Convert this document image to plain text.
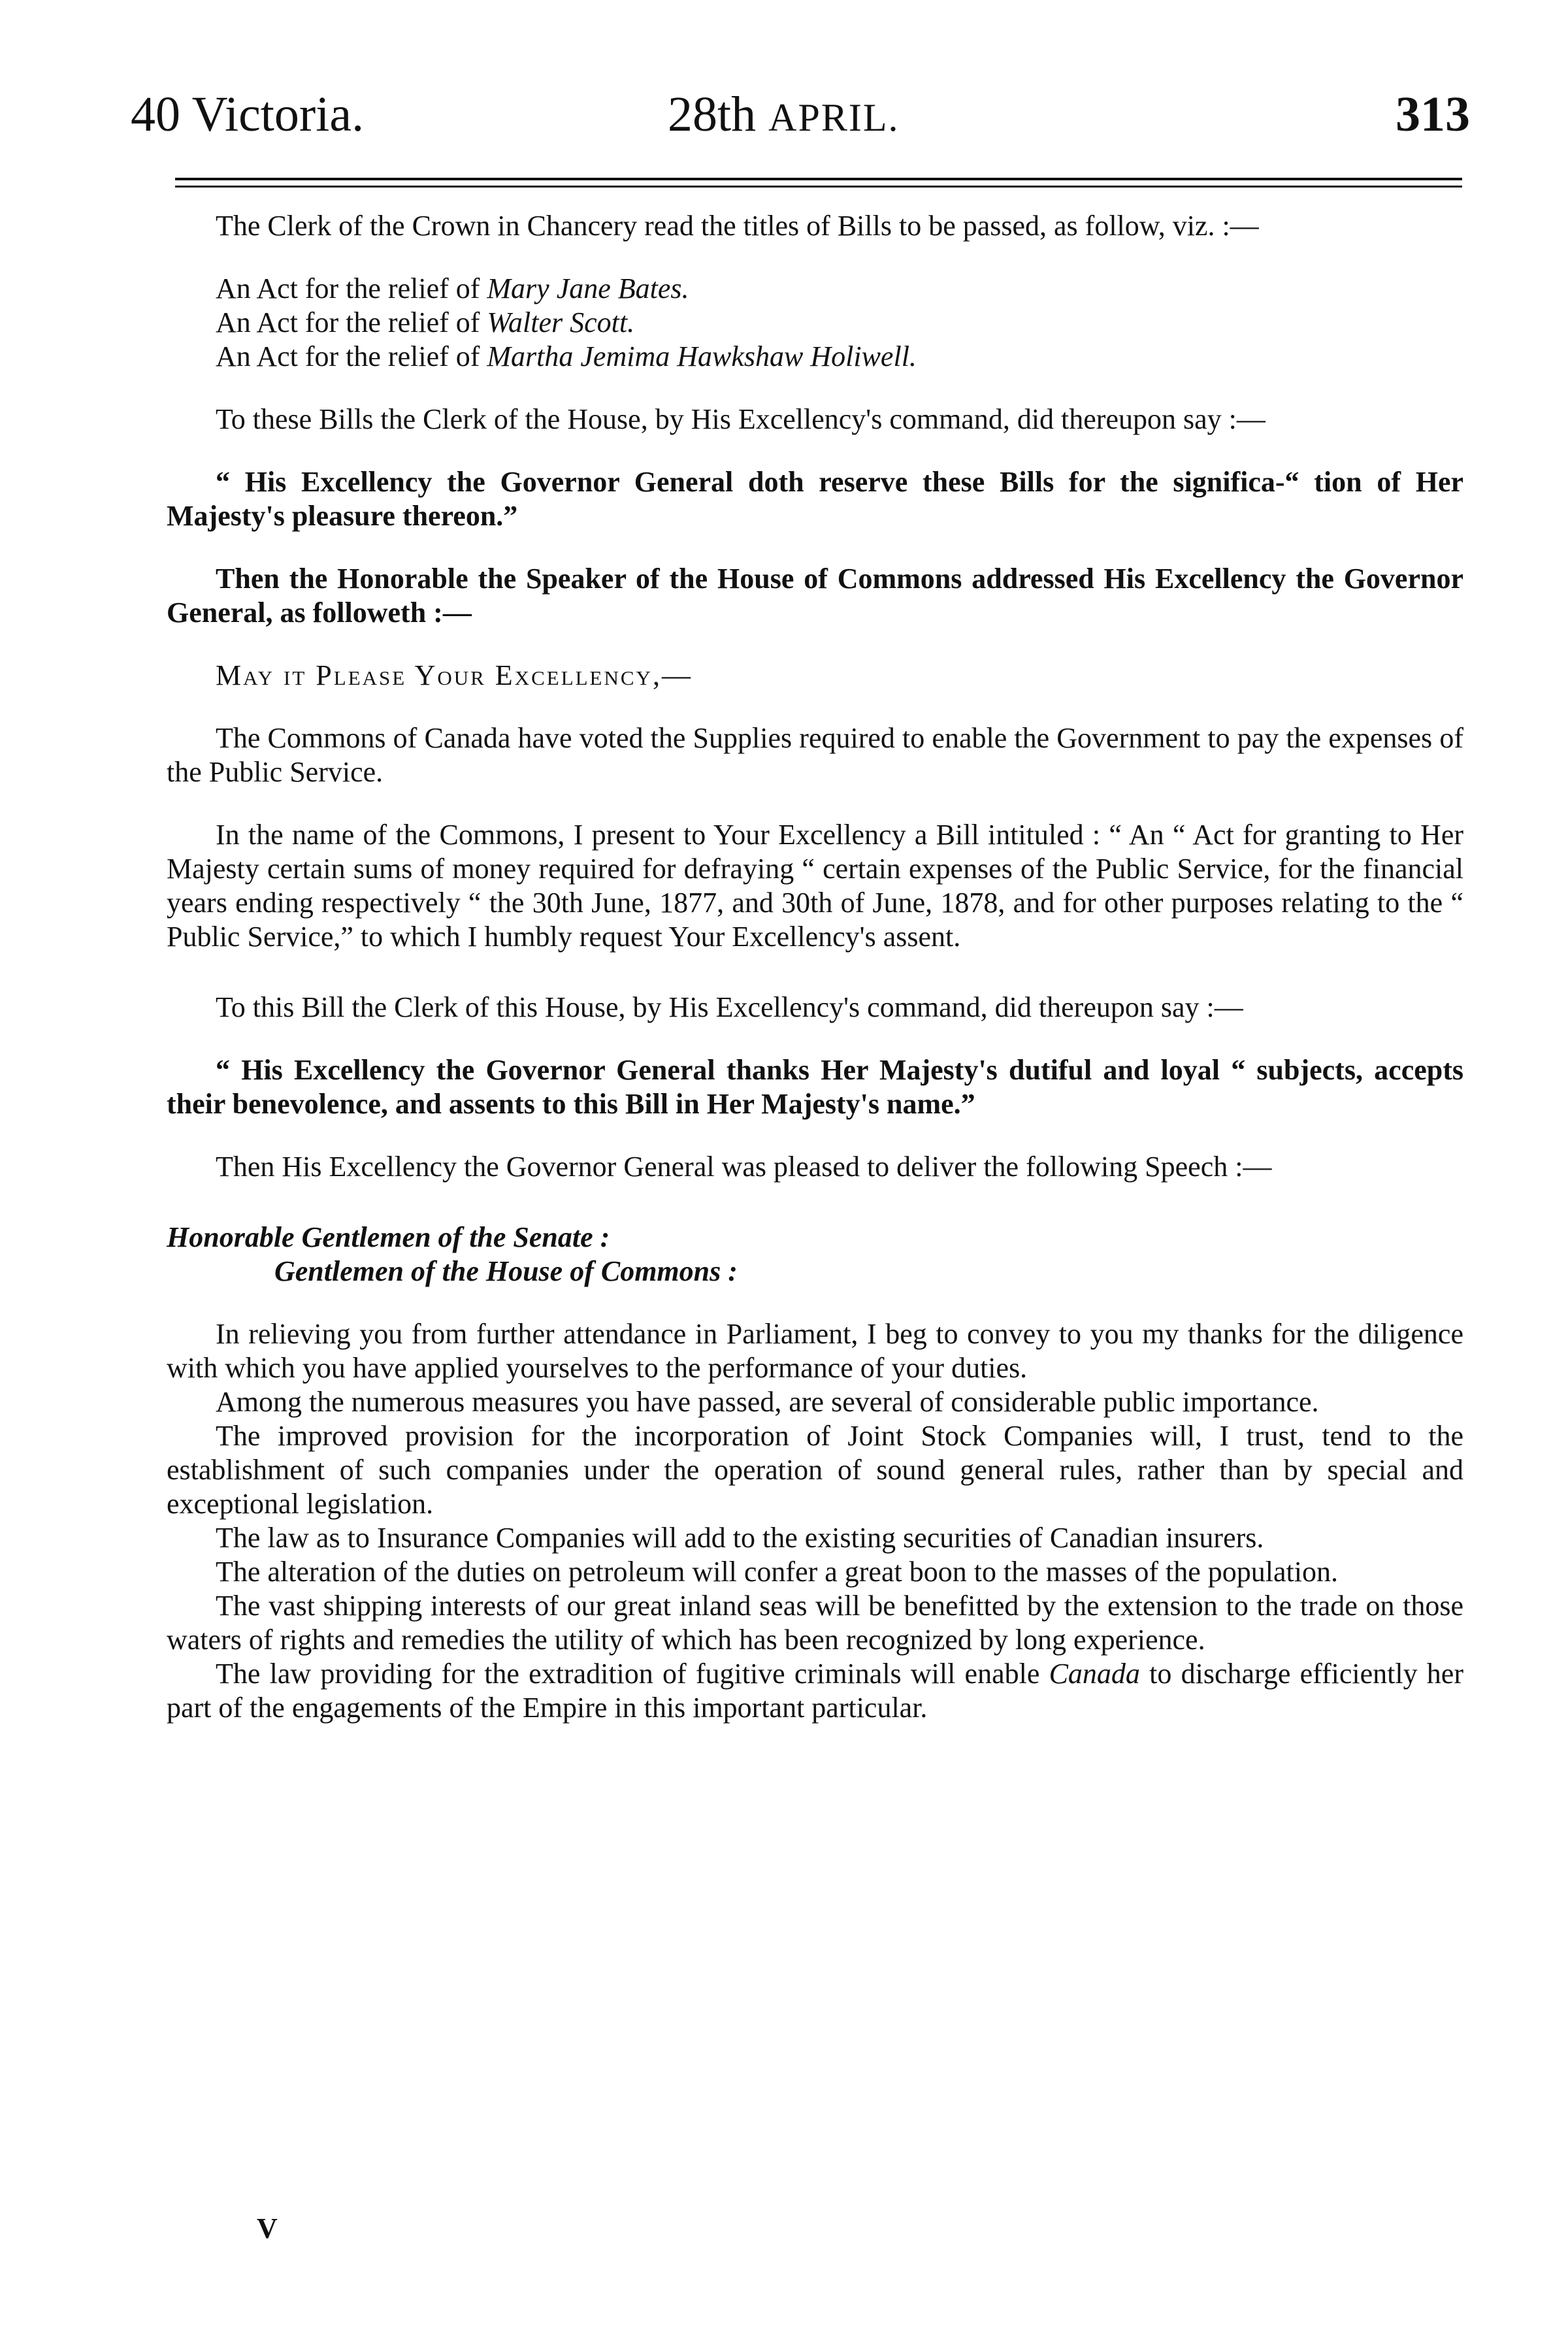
40 Victoria.	28th APRIL.	313

The Clerk of the Crown in Chancery read the titles of Bills to be passed, as follow, viz. :—

An Act for the relief of Mary Jane Bates.

An Act for the relief of Walter Scott.

An Act for the relief of Martha Jemima Hawkshaw Holiwell.

To these Bills the Clerk of the House, by His Excellency's command, did thereupon say :—

“ His Excellency the Governor General doth reserve these Bills for the significa-“ tion of Her Majesty's pleasure thereon.”

Then the Honorable the Speaker of the House of Commons addressed His Excellency the Governor General, as followeth :—

May it Please Your Excellency,—

The Commons of Canada have voted the Supplies required to enable the Government to pay the expenses of the Public Service.

In the name of the Commons, I present to Your Excellency a Bill intituled : “ An “ Act for granting to Her Majesty certain sums of money required for defraying “ certain expenses of the Public Service, for the financial years ending respectively “ the 30th June, 1877, and 30th of June, 1878, and for other purposes relating to the “ Public Service,” to which I humbly request Your Excellency's assent.

To this Bill the Clerk of this House, by His Excellency's command, did thereupon say :—

“ His Excellency the Governor General thanks Her Majesty's dutiful and loyal “ subjects, accepts their benevolence, and assents to this Bill in Her Majesty's name.”

Then His Excellency the Governor General was pleased to deliver the following Speech :—

Honorable Gentlemen of the Senate :

Gentlemen of the House of Commons :

In relieving you from further attendance in Parliament, I beg to convey to you my thanks for the diligence with which you have applied yourselves to the performance of your duties.

Among the numerous measures you have passed, are several of considerable public importance.

The improved provision for the incorporation of Joint Stock Companies will, I trust, tend to the establishment of such companies under the operation of sound general rules, rather than by special and exceptional legislation.

The law as to Insurance Companies will add to the existing securities of Canadian insurers.

The alteration of the duties on petroleum will confer a great boon to the masses of the population.

The vast shipping interests of our great inland seas will be benefitted by the extension to the trade on those waters of rights and remedies the utility of which has been recognized by long experience.

The law providing for the extradition of fugitive criminals will enable Canada to discharge efficiently her part of the engagements of the Empire in this important particular.

V
